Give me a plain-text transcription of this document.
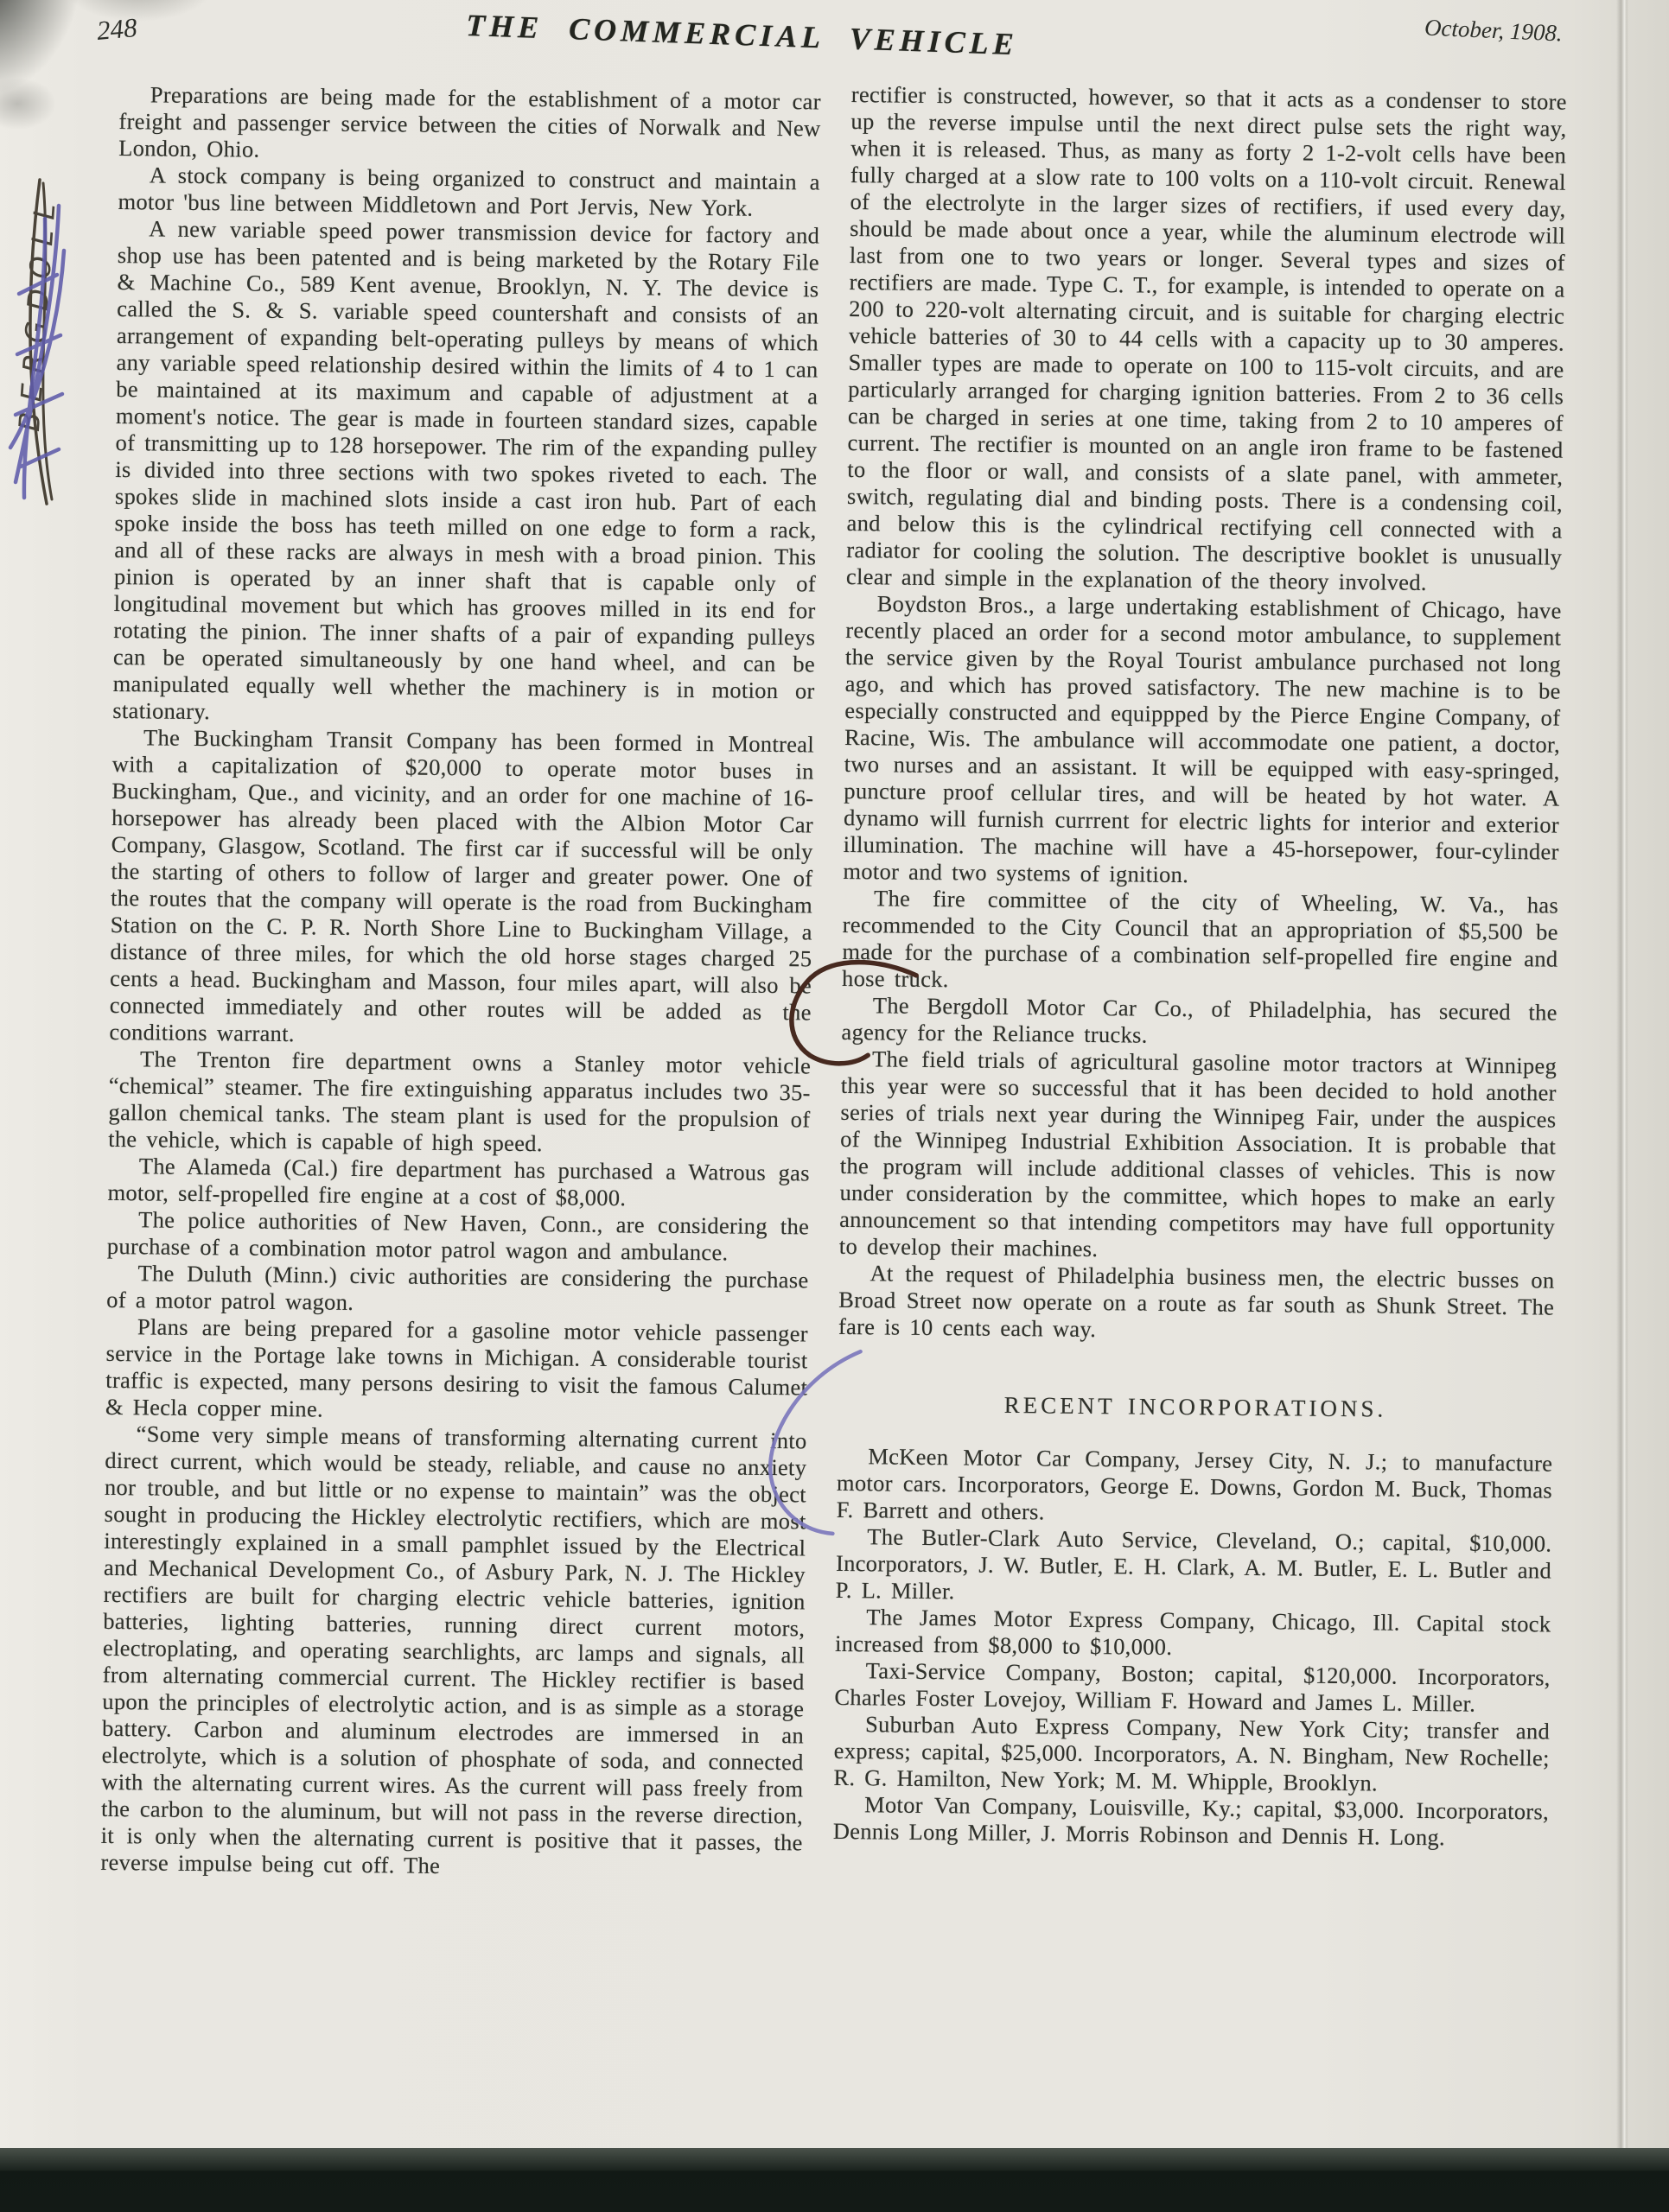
248	THE COMMERCIAL VEHICLE	October, 1908.
BERGDOLL

Preparations are being made for the establishment of a motor car freight and passenger service between the cities of Norwalk and New London, Ohio.

A stock company is being organized to construct and maintain a motor 'bus line between Middletown and Port Jervis, New York.

A new variable speed power transmission device for factory and shop use has been patented and is being marketed by the Rotary File & Machine Co., 589 Kent avenue, Brooklyn, N. Y. The device is called the S. & S. variable speed countershaft and consists of an arrangement of expanding belt-operating pulleys by means of which any variable speed relationship desired within the limits of 4 to 1 can be maintained at its maximum and capable of adjustment at a moment's notice. The gear is made in fourteen standard sizes, capable of transmitting up to 128 horsepower. The rim of the expanding pulley is divided into three sections with two spokes riveted to each. The spokes slide in machined slots inside a cast iron hub. Part of each spoke inside the boss has teeth milled on one edge to form a rack, and all of these racks are always in mesh with a broad pinion. This pinion is operated by an inner shaft that is capable only of longitudinal movement but which has grooves milled in its end for rotating the pinion. The inner shafts of a pair of expanding pulleys can be operated simultaneously by one hand wheel, and can be manipulated equally well whether the machinery is in motion or stationary.

The Buckingham Transit Company has been formed in Montreal with a capitalization of $20,000 to operate motor buses in Buckingham, Que., and vicinity, and an order for one machine of 16-horsepower has already been placed with the Albion Motor Car Company, Glasgow, Scotland. The first car if successful will be only the starting of others to follow of larger and greater power. One of the routes that the company will operate is the road from Buckingham Station on the C. P. R. North Shore Line to Buckingham Village, a distance of three miles, for which the old horse stages charged 25 cents a head. Buckingham and Masson, four miles apart, will also be connected immediately and other routes will be added as the conditions warrant.

The Trenton fire department owns a Stanley motor vehicle “chemical” steamer. The fire extinguishing apparatus includes two 35-gallon chemical tanks. The steam plant is used for the propulsion of the vehicle, which is capable of high speed.

The Alameda (Cal.) fire department has purchased a Watrous gas motor, self-propelled fire engine at a cost of $8,000.

The police authorities of New Haven, Conn., are considering the purchase of a combination motor patrol wagon and ambulance.

The Duluth (Minn.) civic authorities are considering the purchase of a motor patrol wagon.

Plans are being prepared for a gasoline motor vehicle passenger service in the Portage lake towns in Michigan. A considerable tourist traffic is expected, many persons desiring to visit the famous Calumet & Hecla copper mine.

“Some very simple means of transforming alternating current into direct current, which would be steady, reliable, and cause no anxiety nor trouble, and but little or no expense to maintain” was the object sought in producing the Hickley electrolytic rectifiers, which are most interestingly explained in a small pamphlet issued by the Electrical and Mechanical Development Co., of Asbury Park, N. J. The Hickley rectifiers are built for charging electric vehicle batteries, ignition batteries, lighting batteries, running direct current motors, electroplating, and operating searchlights, arc lamps and signals, all from alternating commercial current. The Hickley rectifier is based upon the principles of electrolytic action, and is as simple as a storage battery. Carbon and aluminum electrodes are immersed in an electrolyte, which is a solution of phosphate of soda, and connected with the alternating current wires. As the current will pass freely from the carbon to the aluminum, but will not pass in the reverse direction, it is only when the alternating current is positive that it passes, the reverse impulse being cut off. The

rectifier is constructed, however, so that it acts as a condenser to store up the reverse impulse until the next direct pulse sets the right way, when it is released. Thus, as many as forty 2 1-2-volt cells have been fully charged at a slow rate to 100 volts on a 110-volt circuit. Renewal of the electrolyte in the larger sizes of rectifiers, if used every day, should be made about once a year, while the aluminum electrode will last from one to two years or longer. Several types and sizes of rectifiers are made. Type C. T., for example, is intended to operate on a 200 to 220-volt alternating circuit, and is suitable for charging electric vehicle batteries of 30 to 44 cells with a capacity up to 30 amperes. Smaller types are made to operate on 100 to 115-volt circuits, and are particularly arranged for charging ignition batteries. From 2 to 36 cells can be charged in series at one time, taking from 2 to 10 amperes of current. The rectifier is mounted on an angle iron frame to be fastened to the floor or wall, and consists of a slate panel, with ammeter, switch, regulating dial and binding posts. There is a condensing coil, and below this is the cylindrical rectifying cell connected with a radiator for cooling the solution. The descriptive booklet is unusually clear and simple in the explanation of the theory involved.

Boydston Bros., a large undertaking establishment of Chicago, have recently placed an order for a second motor ambulance, to supplement the service given by the Royal Tourist ambulance purchased not long ago, and which has proved satisfactory. The new machine is to be especially constructed and equippped by the Pierce Engine Company, of Racine, Wis. The ambulance will accommodate one patient, a doctor, two nurses and an assistant. It will be equipped with easy-springed, puncture proof cellular tires, and will be heated by hot water. A dynamo will furnish currrent for electric lights for interior and exterior illumination. The machine will have a 45-horsepower, four-cylinder motor and two systems of ignition.

The fire committee of the city of Wheeling, W. Va., has recommended to the City Council that an appropriation of $5,500 be made for the purchase of a combination self-propelled fire engine and hose truck.

The Bergdoll Motor Car Co., of Philadelphia, has secured the agency for the Reliance trucks.

The field trials of agricultural gasoline motor tractors at Winnipeg this year were so successful that it has been decided to hold another series of trials next year during the Winnipeg Fair, under the auspices of the Winnipeg Industrial Exhibition Association. It is probable that the program will include additional classes of vehicles. This is now under consideration by the committee, which hopes to make an early announcement so that intending competitors may have full opportunity to develop their machines.

At the request of Philadelphia business men, the electric busses on Broad Street now operate on a route as far south as Shunk Street. The fare is 10 cents each way.

RECENT INCORPORATIONS.

McKeen Motor Car Company, Jersey City, N. J.; to manufacture motor cars. Incorporators, George E. Downs, Gordon M. Buck, Thomas F. Barrett and others.

The Butler-Clark Auto Service, Cleveland, O.; capital, $10,000. Incorporators, J. W. Butler, E. H. Clark, A. M. Butler, E. L. Butler and P. L. Miller.

The James Motor Express Company, Chicago, Ill. Capital stock increased from $8,000 to $10,000.

Taxi-Service Company, Boston; capital, $120,000. Incorporators, Charles Foster Lovejoy, William F. Howard and James L. Miller.

Suburban Auto Express Company, New York City; transfer and express; capital, $25,000. Incorporators, A. N. Bingham, New Rochelle; R. G. Hamilton, New York; M. M. Whipple, Brooklyn.

Motor Van Company, Louisville, Ky.; capital, $3,000. Incorporators, Dennis Long Miller, J. Morris Robinson and Dennis H. Long.
